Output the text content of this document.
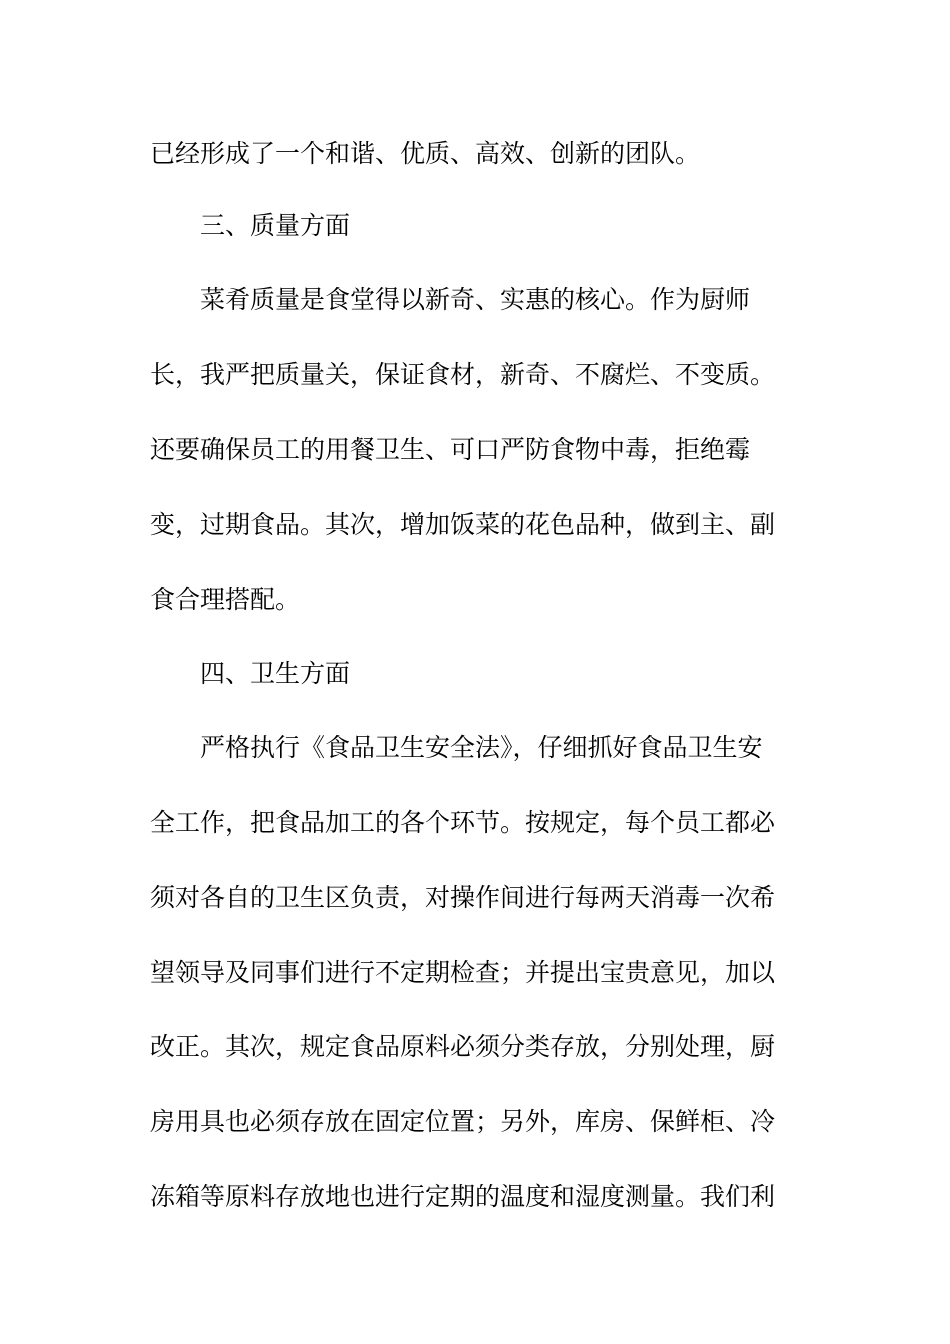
已经形成了一个和谐、优质、高效、创新的团队。
三、质量方面
菜肴质量是食堂得以新奇、实惠的核心。作为厨师
长，我严把质量关，保证食材，新奇、不腐烂、不变质。
还要确保员工的用餐卫生、可口严防食物中毒，拒绝霉
变，过期食品。其次，增加饭菜的花色品种，做到主、副
食合理搭配。
四、卫生方面
严格执行《食品卫生安全法》，仔细抓好食品卫生安
全工作，把食品加工的各个环节。按规定，每个员工都必
须对各自的卫生区负责，对操作间进行每两天消毒一次希
望领导及同事们进行不定期检查；并提出宝贵意见，加以
改正。其次，规定食品原料必须分类存放，分别处理，厨
房用具也必须存放在固定位置；另外，库房、保鲜柜、冷
冻箱等原料存放地也进行定期的温度和湿度测量。我们利
